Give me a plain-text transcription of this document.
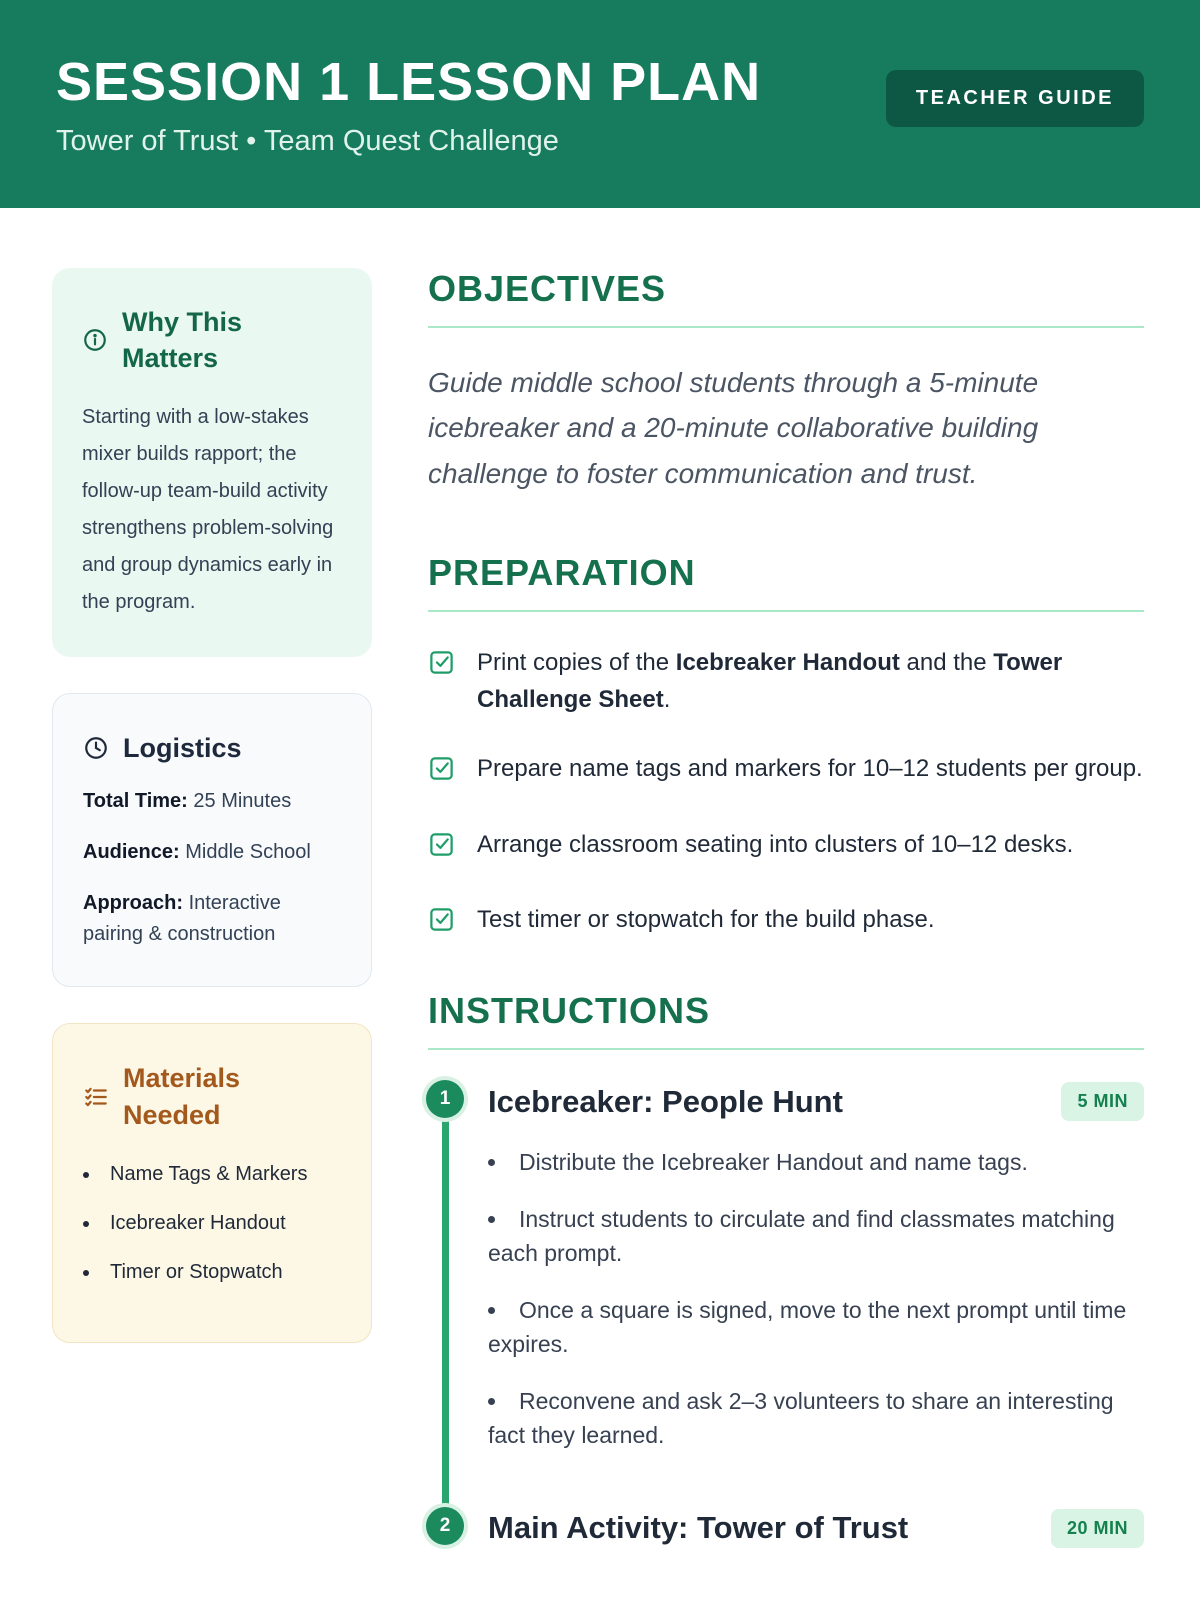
SESSION 1 LESSON PLAN
Tower of Trust • Team Quest Challenge
TEACHER GUIDE
Why This Matters

Starting with a low-stakes mixer builds rapport; the follow-up team-build activity strengthens problem-solving and group dynamics early in the program.

Logistics

Total Time: 25 Minutes

Audience: Middle School

Approach: Interactive pairing & construction

Materials Needed
• Name Tags & Markers
• Icebreaker Handout
• Timer or Stopwatch
OBJECTIVES

Guide middle school students through a 5-minute icebreaker and a 20-minute collaborative building challenge to foster communication and trust.

PREPARATION
Print copies of the Icebreaker Handout and the Tower Challenge Sheet.
Prepare name tags and markers for 10–12 students per group.
Arrange classroom seating into clusters of 10–12 desks.
Test timer or stopwatch for the build phase.
INSTRUCTIONS
1	Icebreaker: People Hunt	5 MIN
• Distribute the Icebreaker Handout and name tags.
• Instruct students to circulate and find classmates matching each prompt.
• Once a square is signed, move to the next prompt until time expires.
• Reconvene and ask 2–3 volunteers to share an interesting fact they learned.
2	Main Activity: Tower of Trust	20 MIN
